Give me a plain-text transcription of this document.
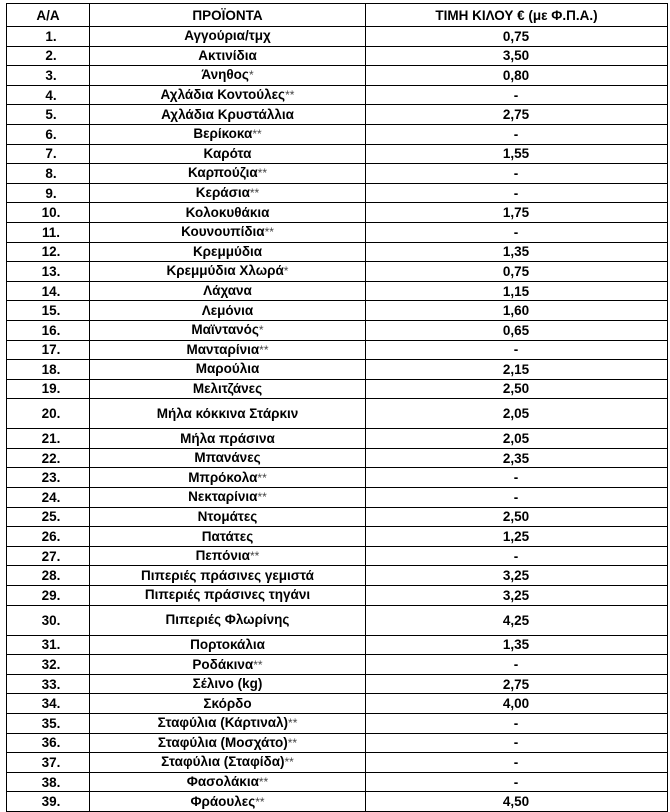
Α/Α	ΠΡΟΪΟΝΤΑ	ΤΙΜΗ ΚΙΛΟΥ € (με Φ.Π.Α.)
1.	Αγγούρια/τμχ	0,75
2.	Ακτινίδια	3,50
3.	Άνηθος*	0,80
4.	Αχλάδια Κοντούλες**	-
5.	Αχλάδια Κρυστάλλια	2,75
6.	Βερίκοκα**	-
7.	Καρότα	1,55
8.	Καρπούζια**	-
9.	Κεράσια**	-
10.	Κολοκυθάκια	1,75
11.	Κουνουπίδια**	-
12.	Κρεμμύδια	1,35
13.	Κρεμμύδια Χλωρά*	0,75
14.	Λάχανα	1,15
15.	Λεμόνια	1,60
16.	Μαϊντανός*	0,65
17.	Μανταρίνια**	-
18.	Μαρούλια	2,15
19.	Μελιτζάνες	2,50
20.	Μήλα κόκκινα Στάρκιν	2,05
21.	Μήλα πράσινα	2,05
22.	Μπανάνες	2,35
23.	Μπρόκολα**	-
24.	Νεκταρίνια**	-
25.	Ντομάτες	2,50
26.	Πατάτες	1,25
27.	Πεπόνια**	-
28.	Πιπεριές πράσινες γεμιστά	3,25
29.	Πιπεριές πράσινες τηγάνι	3,25
30.	Πιπεριές Φλωρίνης	4,25
31.	Πορτοκάλια	1,35
32.	Ροδάκινα**	-
33.	Σέλινο (kg)	2,75
34.	Σκόρδο	4,00
35.	Σταφύλια (Κάρτιναλ)**	-
36.	Σταφύλια (Μοσχάτο)**	-
37.	Σταφύλια (Σταφίδα)**	-
38.	Φασολάκια**	-
39.	Φράουλες**	4,50
